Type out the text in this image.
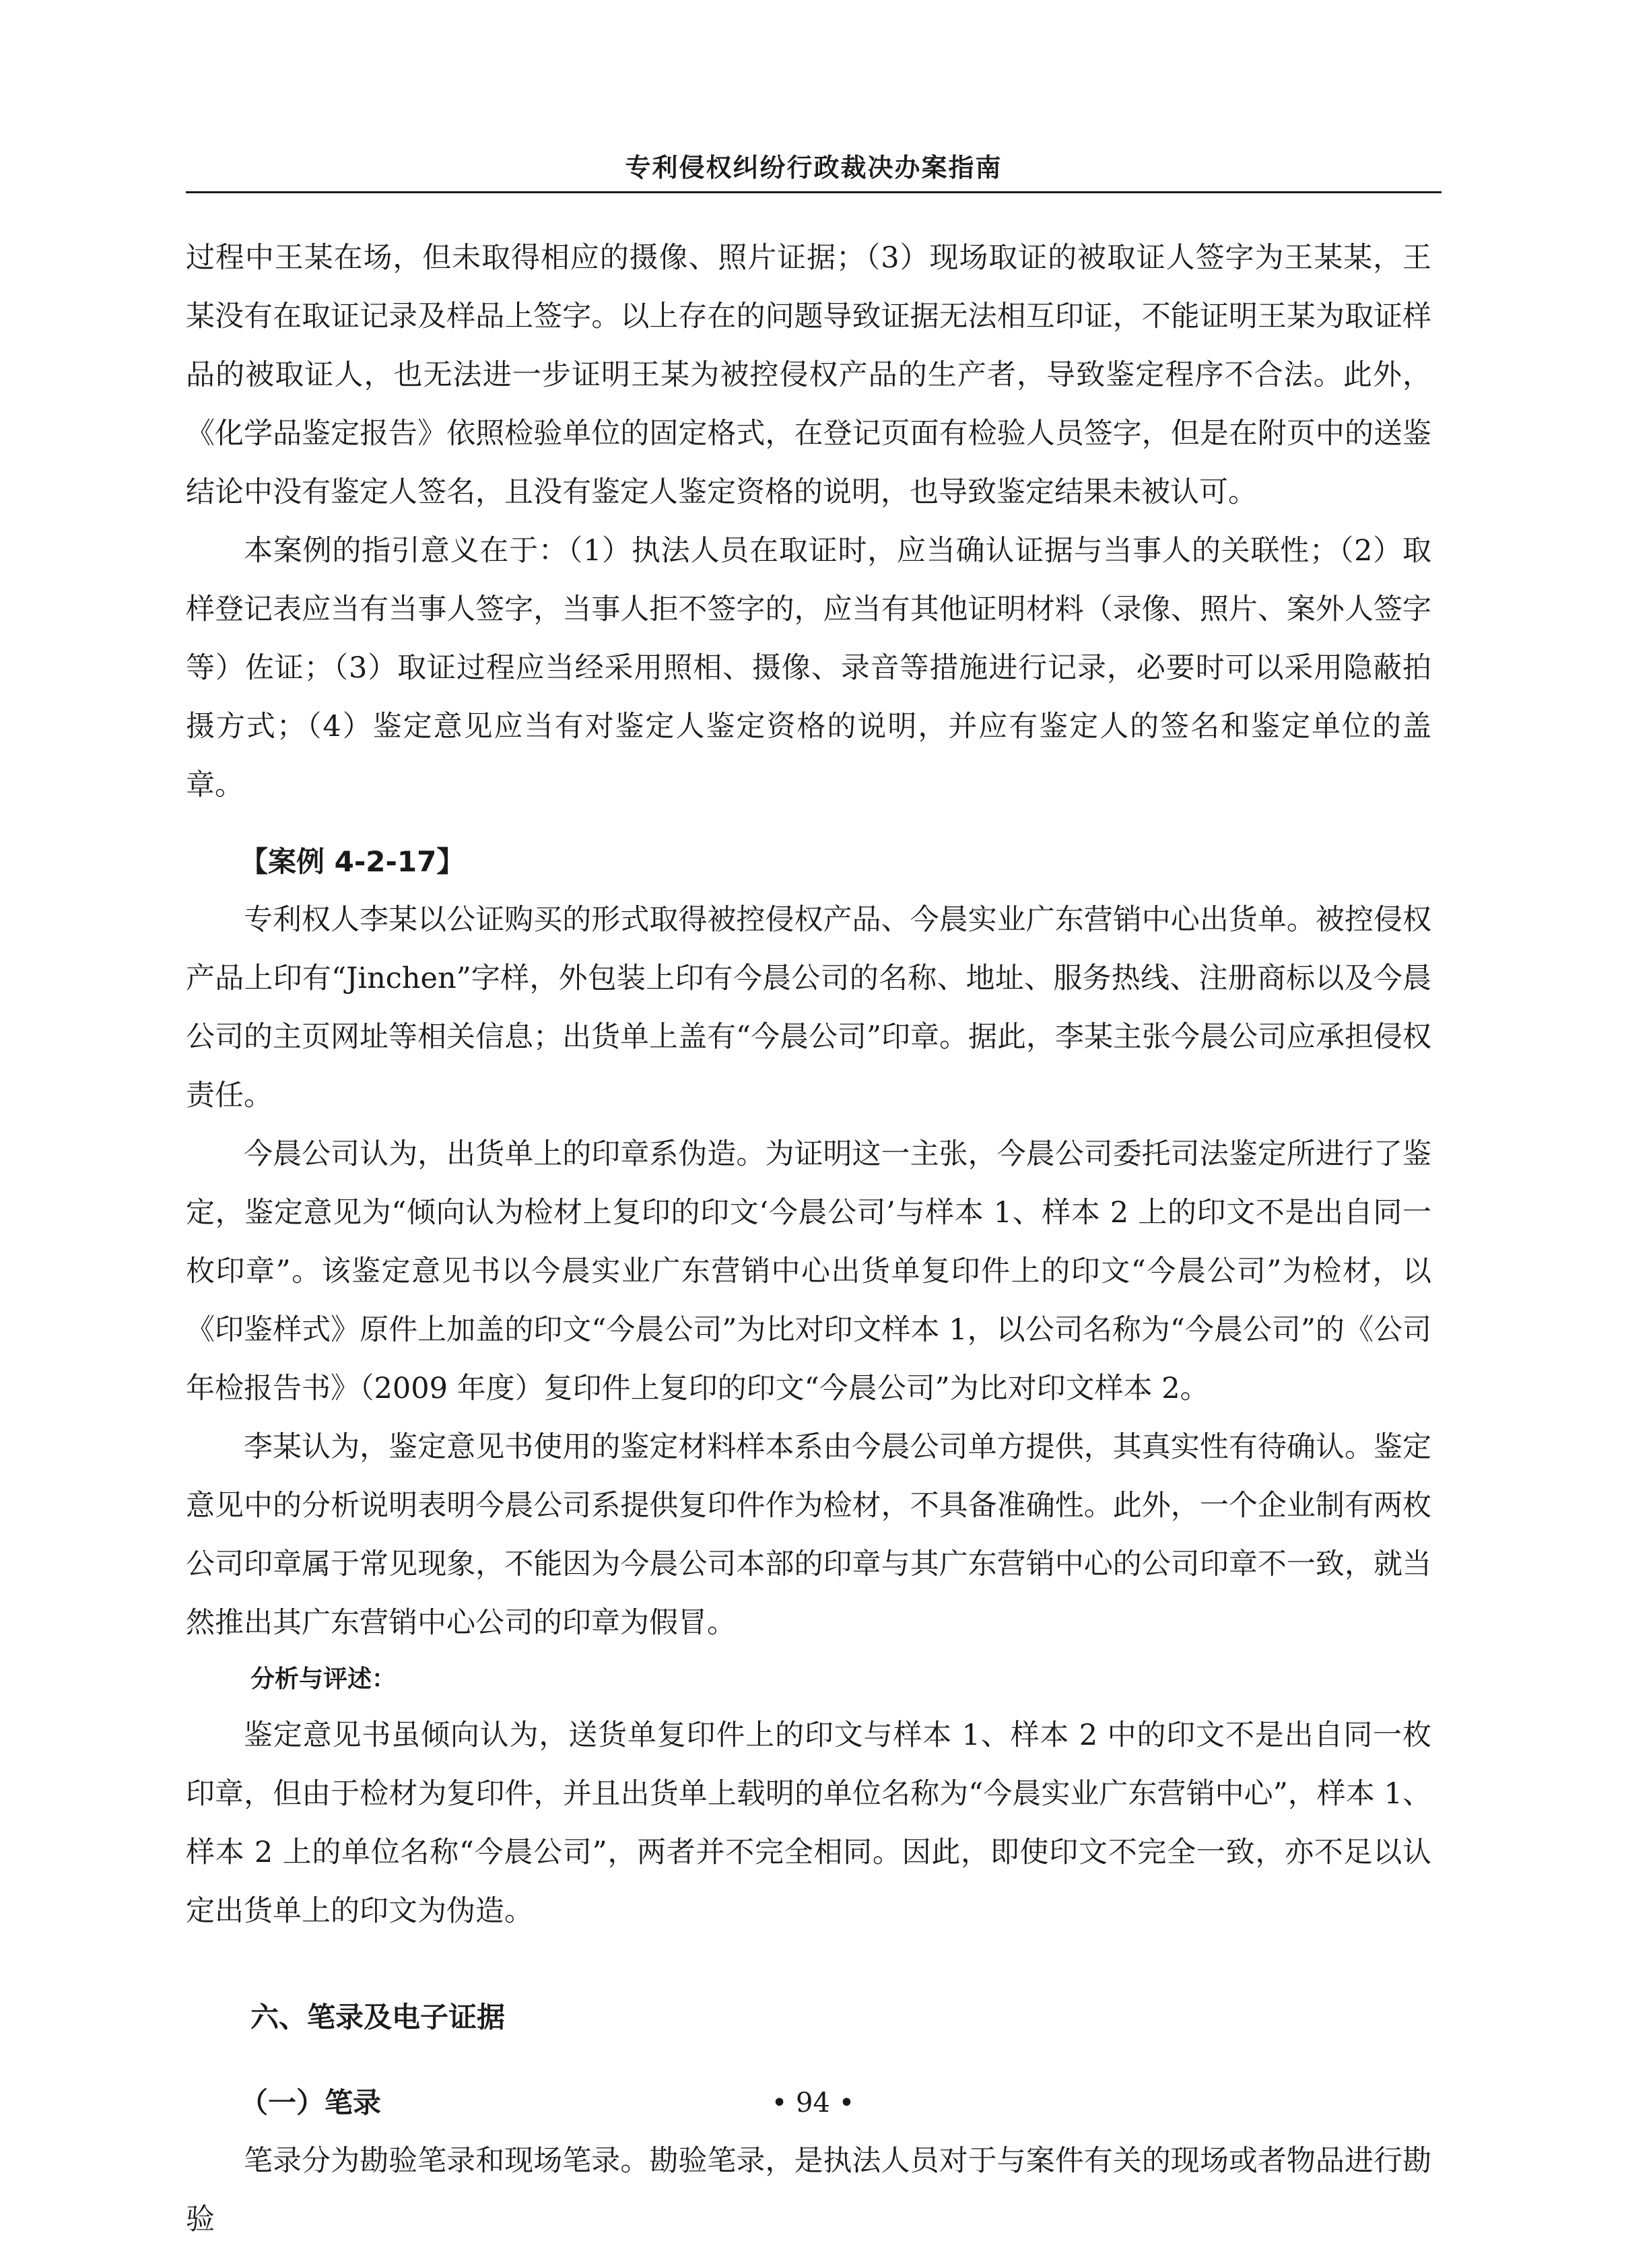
专利侵权纠纷行政裁决办案指南

过程中王某在场，但未取得相应的摄像、照片证据；（3）现场取证的被取证人签字为王某某，王某没有在取证记录及样品上签字。以上存在的问题导致证据无法相互印证，不能证明王某为取证样品的被取证人，也无法进一步证明王某为被控侵权产品的生产者，导致鉴定程序不合法。此外，《化学品鉴定报告》依照检验单位的固定格式，在登记页面有检验人员签字，但是在附页中的送鉴结论中没有鉴定人签名，且没有鉴定人鉴定资格的说明，也导致鉴定结果未被认可。

本案例的指引意义在于：（1）执法人员在取证时，应当确认证据与当事人的关联性；（2）取样登记表应当有当事人签字，当事人拒不签字的，应当有其他证明材料（录像、照片、案外人签字等）佐证；（3）取证过程应当经采用照相、摄像、录音等措施进行记录，必要时可以采用隐蔽拍摄方式；（4）鉴定意见应当有对鉴定人鉴定资格的说明，并应有鉴定人的签名和鉴定单位的盖章。

【案例 4-2-17】

专利权人李某以公证购买的形式取得被控侵权产品、今晨实业广东营销中心出货单。被控侵权产品上印有“Jinchen”字样，外包装上印有今晨公司的名称、地址、服务热线、注册商标以及今晨公司的主页网址等相关信息；出货单上盖有“今晨公司”印章。据此，李某主张今晨公司应承担侵权责任。

今晨公司认为，出货单上的印章系伪造。为证明这一主张，今晨公司委托司法鉴定所进行了鉴定，鉴定意见为“倾向认为检材上复印的印文‘今晨公司’与样本 1、样本 2 上的印文不是出自同一枚印章”。该鉴定意见书以今晨实业广东营销中心出货单复印件上的印文“今晨公司”为检材，以《印鉴样式》原件上加盖的印文“今晨公司”为比对印文样本 1，以公司名称为“今晨公司”的《公司年检报告书》（2009 年度）复印件上复印的印文“今晨公司”为比对印文样本 2。

李某认为，鉴定意见书使用的鉴定材料样本系由今晨公司单方提供，其真实性有待确认。鉴定意见中的分析说明表明今晨公司系提供复印件作为检材，不具备准确性。此外，一个企业制有两枚公司印章属于常见现象，不能因为今晨公司本部的印章与其广东营销中心的公司印章不一致，就当然推出其广东营销中心公司的印章为假冒。

分析与评述：

鉴定意见书虽倾向认为，送货单复印件上的印文与样本 1、样本 2 中的印文不是出自同一枚印章，但由于检材为复印件，并且出货单上载明的单位名称为“今晨实业广东营销中心”，样本 1、样本 2 上的单位名称“今晨公司”，两者并不完全相同。因此，即使印文不完全一致，亦不足以认定出货单上的印文为伪造。

六、笔录及电子证据
（一）笔录

笔录分为勘验笔录和现场笔录。勘验笔录，是执法人员对于与案件有关的现场或者物品进行勘验

• 94 •
